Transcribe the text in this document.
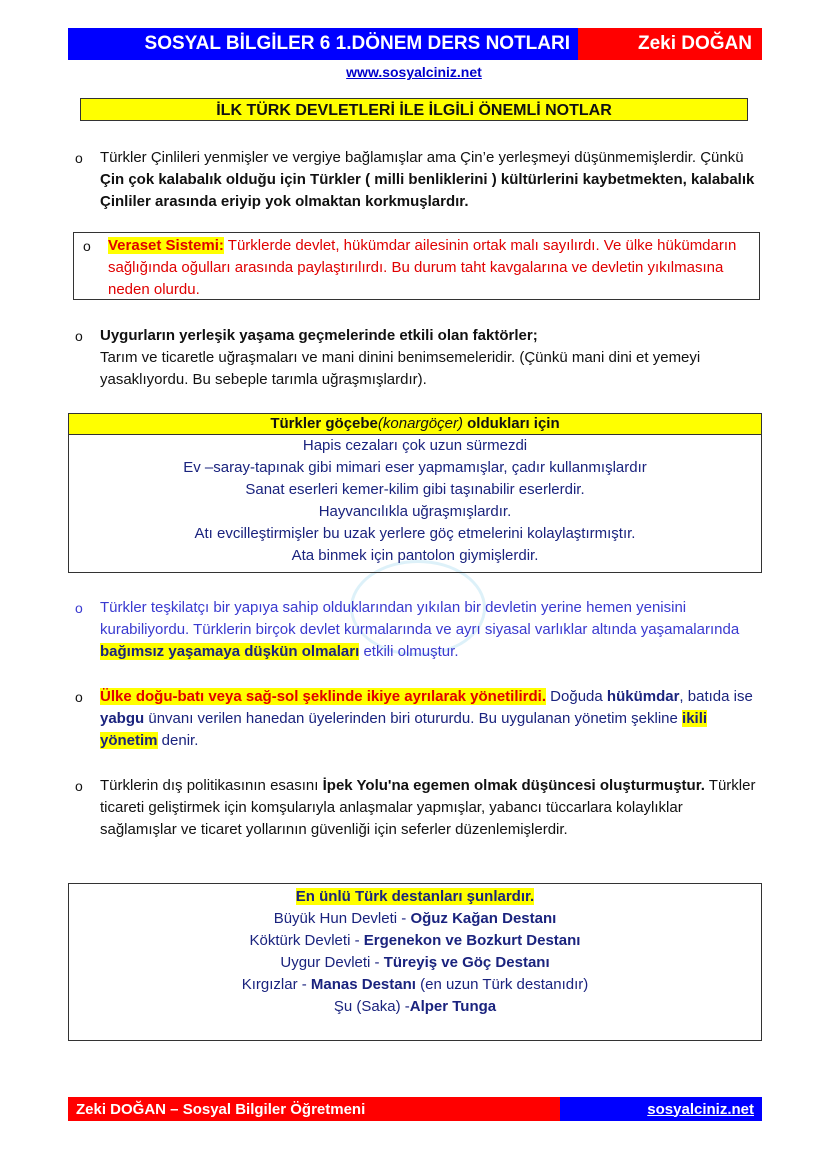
SOSYAL BİLGİLER 6 1.DÖNEM DERS NOTLARI	Zeki DOĞAN
www.sosyalciniz.net
İLK TÜRK DEVLETLERİ İLE İLGİLİ ÖNEMLİ NOTLAR
o Türkler Çinlileri yenmişler ve vergiye bağlamışlar ama Çin’e yerleşmeyi düşünmemişlerdir. Çünkü Çin çok kalabalık olduğu için Türkler ( milli benliklerini ) kültürlerini kaybetmekten, kalabalık Çinliler arasında eriyip yok olmaktan korkmuşlardır.
o Veraset Sistemi: Türklerde devlet, hükümdar ailesinin ortak malı sayılırdı. Ve ülke hükümdarın sağlığında oğulları arasında paylaştırılırdı. Bu durum taht kavgalarına ve devletin yıkılmasına neden olurdu.
o Uygurların yerleşik yaşama geçmelerinde etkili olan faktörler;
Tarım ve ticaretle uğraşmaları ve mani dinini benimsemeleridir. (Çünkü mani dini et yemeyi yasaklıyordu. Bu sebeple tarımla uğraşmışlardır).
Türkler göçebe(konargöçer) oldukları için
Hapis cezaları çok uzun sürmezdi
Ev –saray-tapınak gibi mimari eser yapmamışlar, çadır kullanmışlardır
Sanat eserleri kemer-kilim gibi taşınabilir eserlerdir.
Hayvancılıkla uğraşmışlardır.
Atı evcilleştirmişler bu uzak yerlere göç etmelerini kolaylaştırmıştır.
Ata binmek için pantolon giymişlerdir.
o Türkler teşkilatçı bir yapıya sahip olduklarından yıkılan bir devletin yerine hemen yenisini kurabiliyordu. Türklerin birçok devlet kurmalarında ve ayrı siyasal varlıklar altında yaşamalarında bağımsız yaşamaya düşkün olmaları etkili olmuştur.
o Ülke doğu-batı veya sağ-sol şeklinde ikiye ayrılarak yönetilirdi. Doğuda hükümdar, batıda ise yabgu ünvanı verilen hanedan üyelerinden biri otururdu. Bu uygulanan yönetim şekline ikili yönetim denir.
o Türklerin dış politikasının esasını İpek Yolu'na egemen olmak düşüncesi oluşturmuştur. Türkler ticareti geliştirmek için komşularıyla anlaşmalar yapmışlar, yabancı tüccarlara kolaylıklar sağlamışlar ve ticaret yollarının güvenliği için seferler düzenlemişlerdir.
En ünlü Türk destanları şunlardır.
Büyük Hun Devleti - Oğuz Kağan Destanı
Köktürk Devleti - Ergenekon ve Bozkurt Destanı
Uygur Devleti - Türeyiş ve Göç Destanı
Kırgızlar - Manas Destanı (en uzun Türk destanıdır)
Şu (Saka) -Alper Tunga
Zeki DOĞAN – Sosyal Bilgiler Öğretmeni	sosyalciniz.net
